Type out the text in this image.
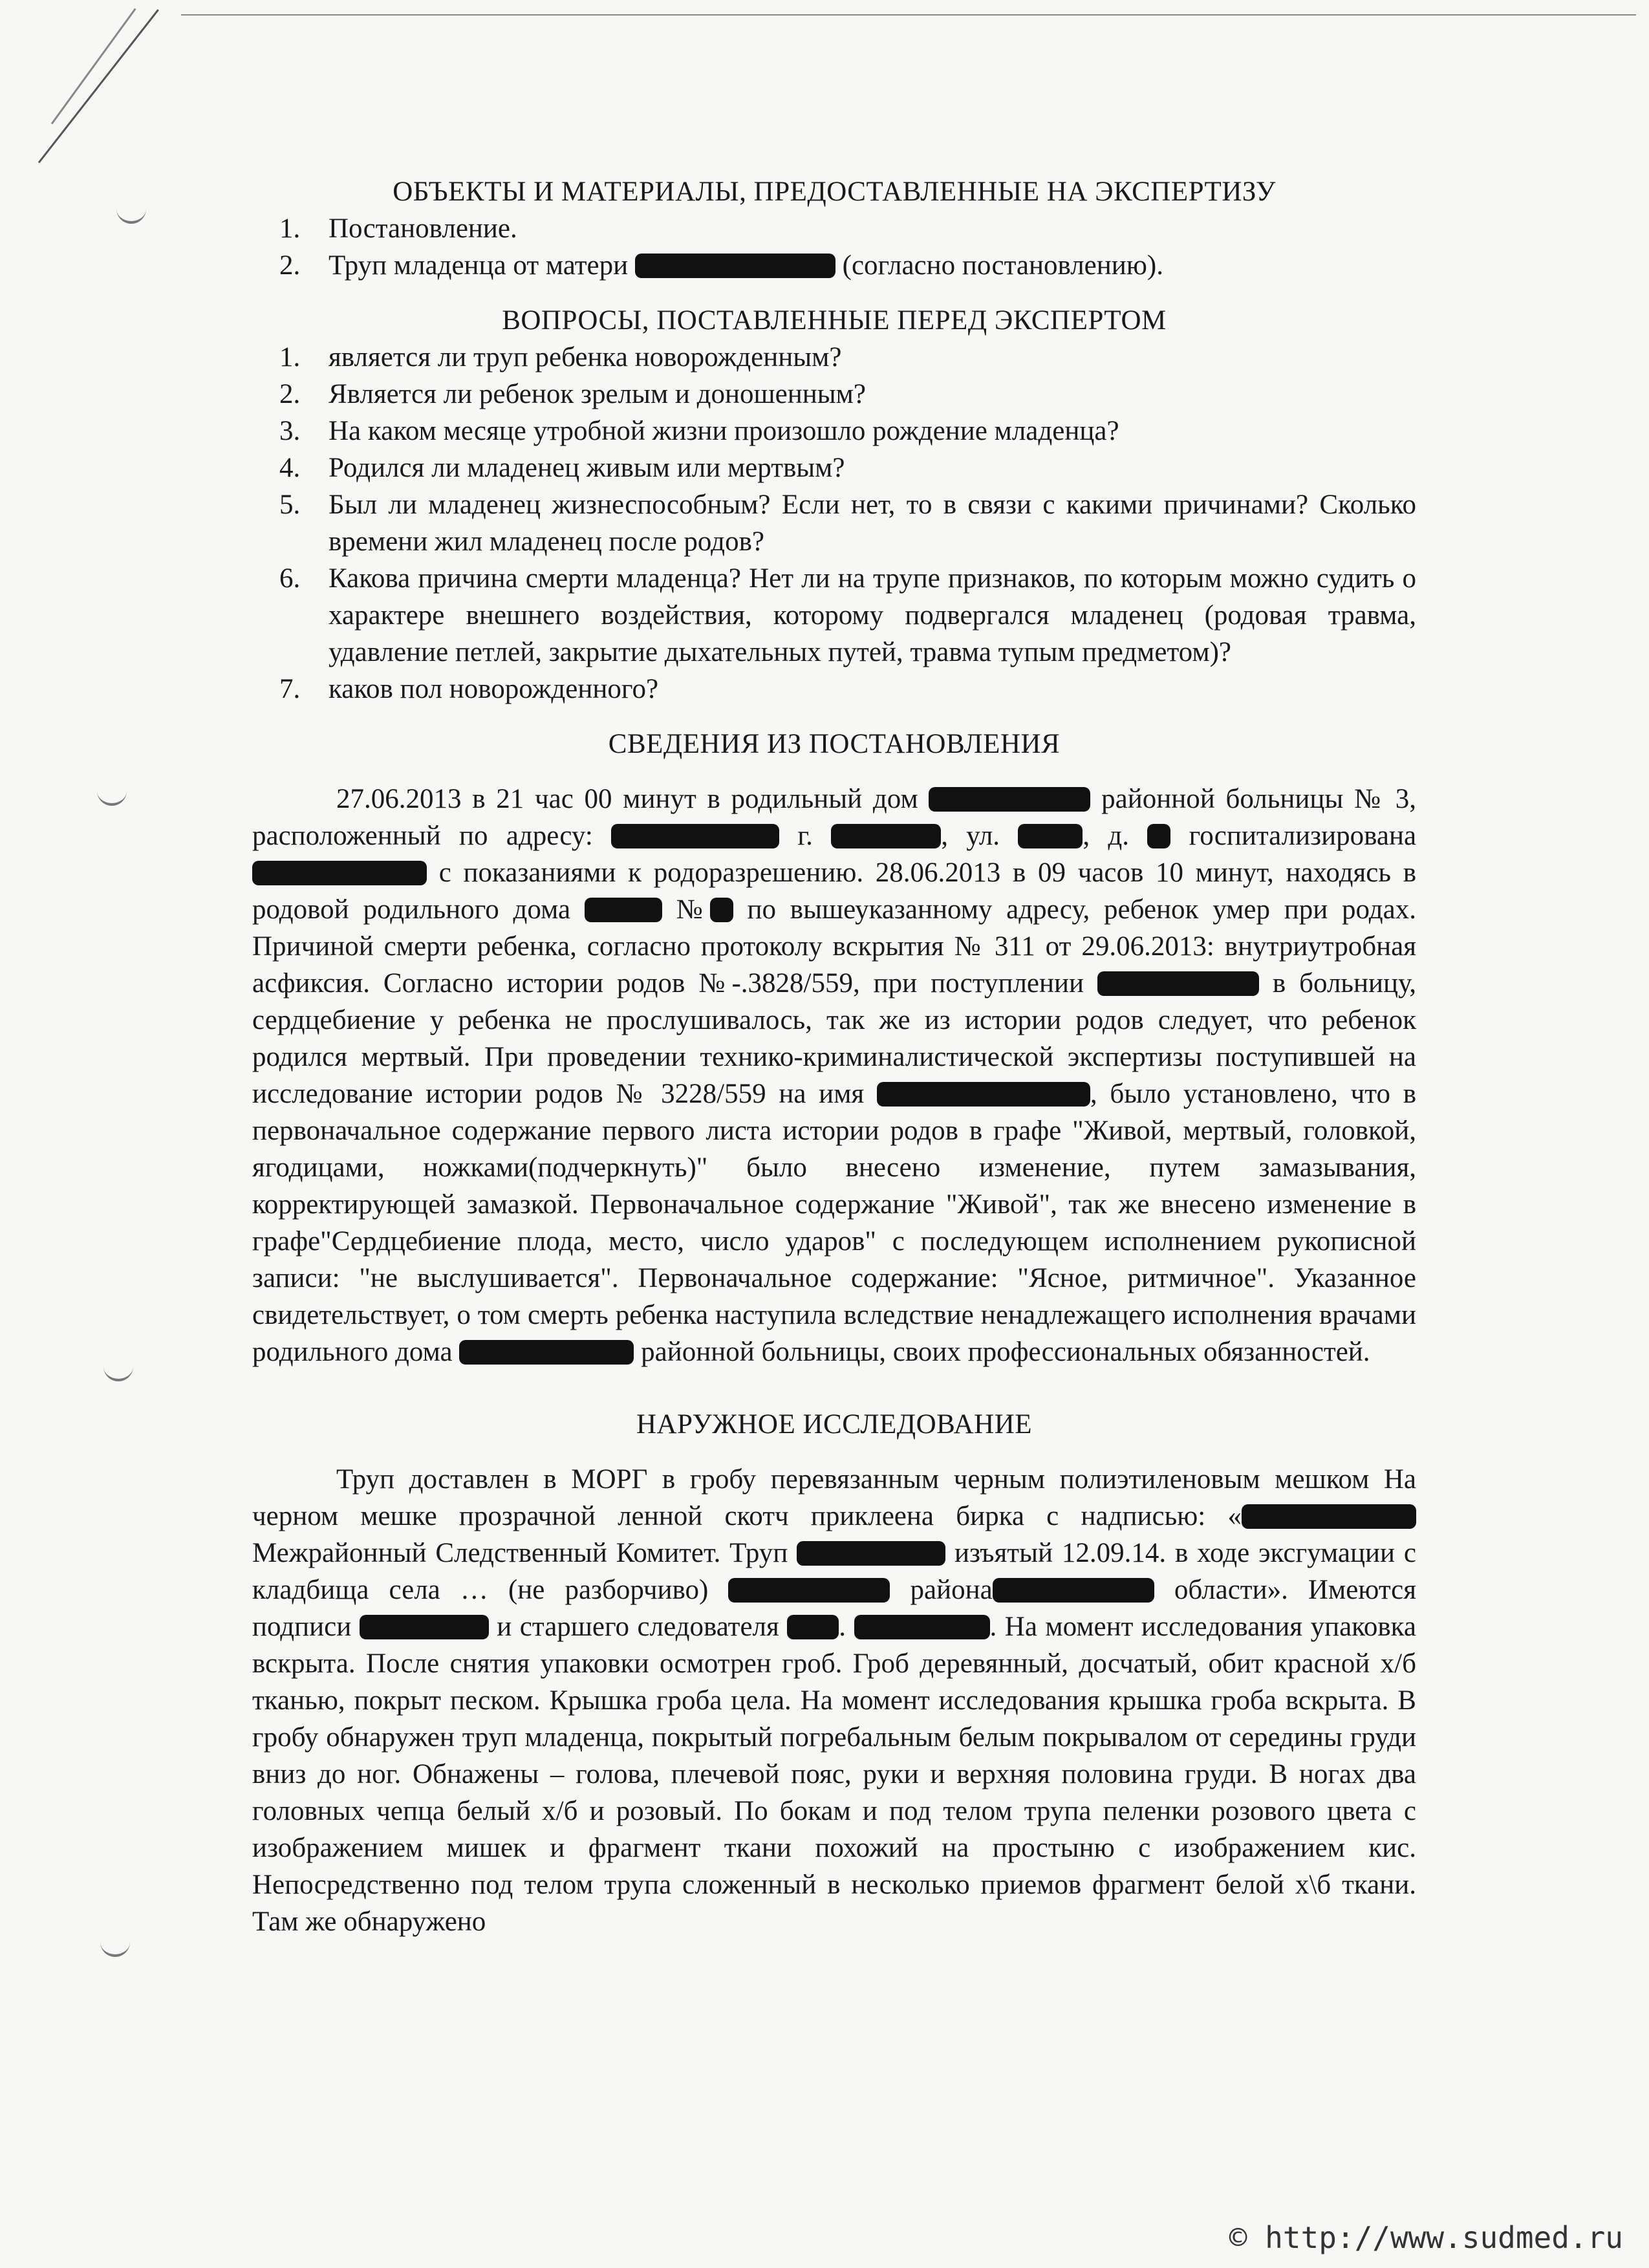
ОБЪЕКТЫ И МАТЕРИАЛЫ, ПРЕДОСТАВЛЕННЫЕ НА ЭКСПЕРТИЗУ
1. Постановление.
2. Труп младенца от матери	(согласно постановлению).
ВОПРОСЫ, ПОСТАВЛЕННЫЕ ПЕРЕД ЭКСПЕРТОМ
1. является ли труп ребенка новорожденным?
2. Является ли ребенок зрелым и доношенным?
3. На каком месяце утробной жизни произошло рождение младенца?
4. Родился ли младенец живым или мертвым?
5. Был ли младенец жизнеспособным? Если нет, то в связи с какими причинами? Сколько времени жил младенец после родов?
6. Какова причина смерти младенца? Нет ли на трупе признаков, по которым можно судить о характере внешнего воздействия, которому подвергался младенец (родовая травма, удавление петлей, закрытие дыхательных путей, травма тупым предметом)?
7. каков пол новорожденного?
СВЕДЕНИЯ ИЗ ПОСТАНОВЛЕНИЯ

27.06.2013 в 21 час 00 минут в родильный дом	районной больницы № 3, расположенный по адресу:	г.	, ул.	, д. госпитализирована  с показаниями к родоразрешению. 28.06.2013 в 09 часов 10 минут, находясь в родовой родильного дома	№ по вышеуказанному адресу, ребенок умер при родах. Причиной смерти ребенка, согласно протоколу вскрытия № 311 от 29.06.2013: внутриутробная асфиксия. Согласно истории родов №-.3828/559, при поступлении	в больницу, сердцебиение у ребенка не прослушивалось, так же из истории родов следует, что ребенок родился мертвый. При проведении технико-криминалистической экспертизы поступившей на исследование истории родов № 3228/559 на имя	, было установлено, что в первоначальное содержание первого листа истории родов в графе "Живой, мертвый, головкой, ягодицами, ножками(подчеркнуть)" было внесено изменение, путем замазывания, корректирующей замазкой. Первоначальное содержание "Живой", так же внесено изменение в графе"Сердцебиение плода, место, число ударов" с последующем исполнением рукописной записи: "не выслушивается". Первоначальное содержание: "Ясное, ритмичное". Указанное свидетельствует, о том смерть ребенка наступила вследствие ненадлежащего исполнения врачами родильного дома	районной больницы, своих профессиональных обязанностей.

НАРУЖНОЕ ИССЛЕДОВАНИЕ

Труп доставлен в МОРГ в гробу перевязанным черным полиэтиленовым мешком На черном мешке прозрачной ленной скотч приклеена бирка с надписью: « Межрайонный Следственный Комитет. Труп	изъятый 12.09.14. в ходе эксгумации с кладбища села … (не разборчиво)	района	области». Имеются подписи	и старшего следователя .	. На момент исследования упаковка вскрыта. После снятия упаковки осмотрен гроб. Гроб деревянный, досчатый, обит красной х/б тканью, покрыт песком. Крышка гроба цела. На момент исследования крышка гроба вскрыта. В гробу обнаружен труп младенца, покрытый погребальным белым покрывалом от середины груди вниз до ног. Обнажены – голова, плечевой пояс, руки и верхняя половина груди. В ногах два головных чепца белый х/б и розовый. По бокам и под телом трупа пеленки розового цвета с изображением мишек и фрагмент ткани похожий на простыню с изображением кис. Непосредственно под телом трупа сложенный в несколько приемов фрагмент белой х\б ткани. Там же обнаружено

© http://www.sudmed.ru
